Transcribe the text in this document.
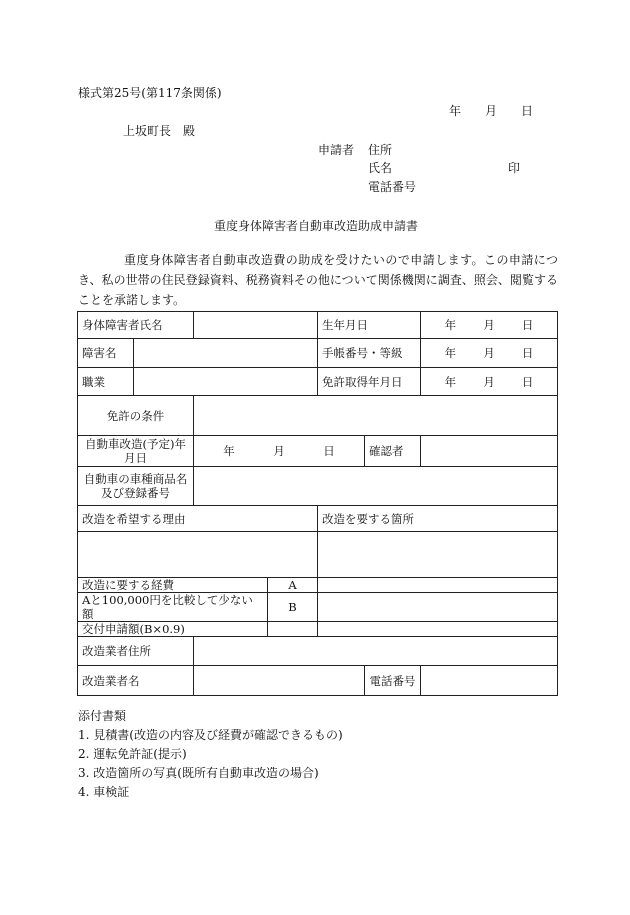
様式第25号(第117条関係)
年 月 日
上坂町長　殿
申請者 住所
氏名	印
電話番号
重度身体障害者自動車改造助成申請書
重度身体障害者自動車改造費の助成を受けたいので申請します。この申請につき、私の世帯の住民登録資料、税務資料その他について関係機関に調査、照会、閲覧することを承諾します。
身体障害者氏名				生年月日		年 月 日

障害名				手帳番号・等級		年 月 日

職業				免許取得年月日		年 月 日

免許の条件						
自動車改造(予定)年月日		年 月 日			確認者	
自動車の車種商品名及び登録番号						
改造を希望する理由				改造を要する箇所		

改造に要する経費			A			
Aと100,000円を比較して少ない額			B			
交付申請額(B×0.9)						
改造業者住所						
改造業者名					電話番号	
添付書類
1. 見積書(改造の内容及び経費が確認できるもの)
2. 運転免許証(提示)
3. 改造箇所の写真(既所有自動車改造の場合)
4. 車検証
